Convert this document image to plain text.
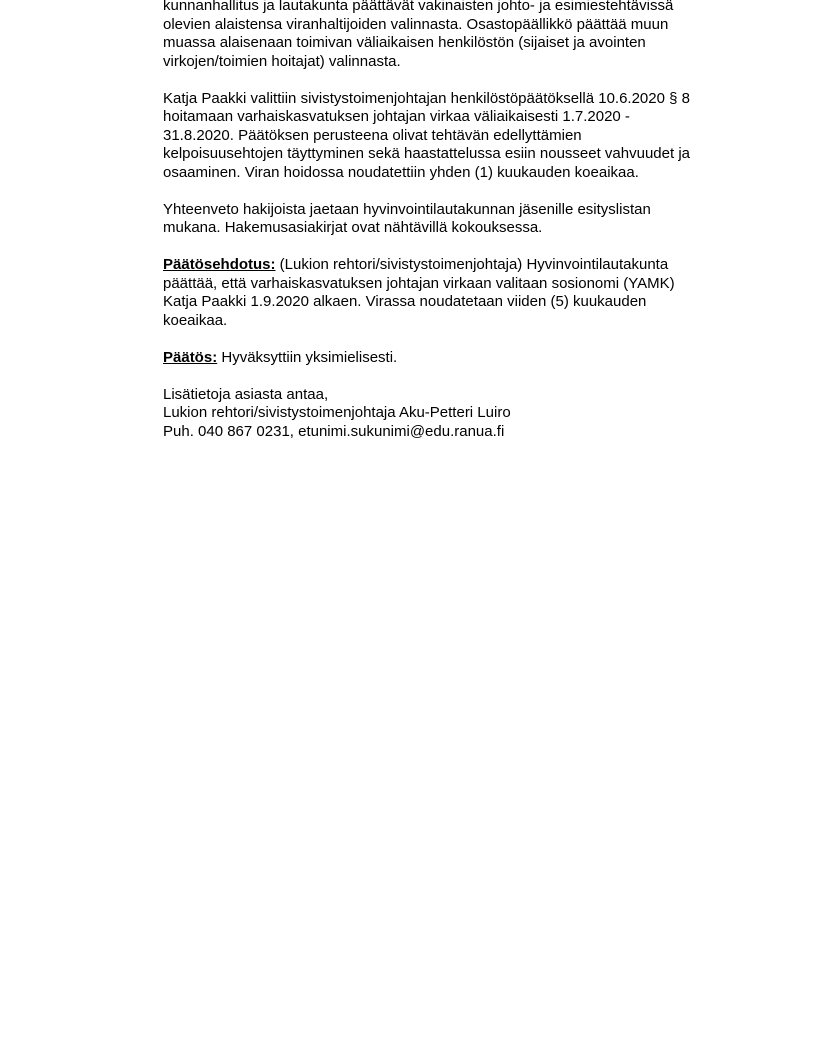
kunnanhallitus ja lautakunta päättävät vakinaisten johto- ja esimiestehtävissä
olevien alaistensa viranhaltijoiden valinnasta. Osastopäällikkö päättää muun
muassa alaisenaan toimivan väliaikaisen henkilöstön (sijaiset ja avointen
virkojen/toimien hoitajat) valinnasta.
Katja Paakki valittiin sivistystoimenjohtajan henkilöstöpäätöksellä 10.6.2020 § 8
hoitamaan varhaiskasvatuksen johtajan virkaa väliaikaisesti 1.7.2020 -
31.8.2020. Päätöksen perusteena olivat tehtävän edellyttämien
kelpoisuusehtojen täyttyminen sekä haastattelussa esiin nousseet vahvuudet ja
osaaminen. Viran hoidossa noudatettiin yhden (1) kuukauden koeaikaa.
Yhteenveto hakijoista jaetaan hyvinvointilautakunnan jäsenille esityslistan
mukana. Hakemusasiakirjat ovat nähtävillä kokouksessa.
Päätösehdotus: (Lukion rehtori/sivistystoimenjohtaja) Hyvinvointilautakunta
päättää, että varhaiskasvatuksen johtajan virkaan valitaan sosionomi (YAMK)
Katja Paakki 1.9.2020 alkaen. Virassa noudatetaan viiden (5) kuukauden
koeaikaa.
Päätös: Hyväksyttiin yksimielisesti.
Lisätietoja asiasta antaa,
Lukion rehtori/sivistystoimenjohtaja Aku-Petteri Luiro
Puh. 040 867 0231, etunimi.sukunimi@edu.ranua.fi
